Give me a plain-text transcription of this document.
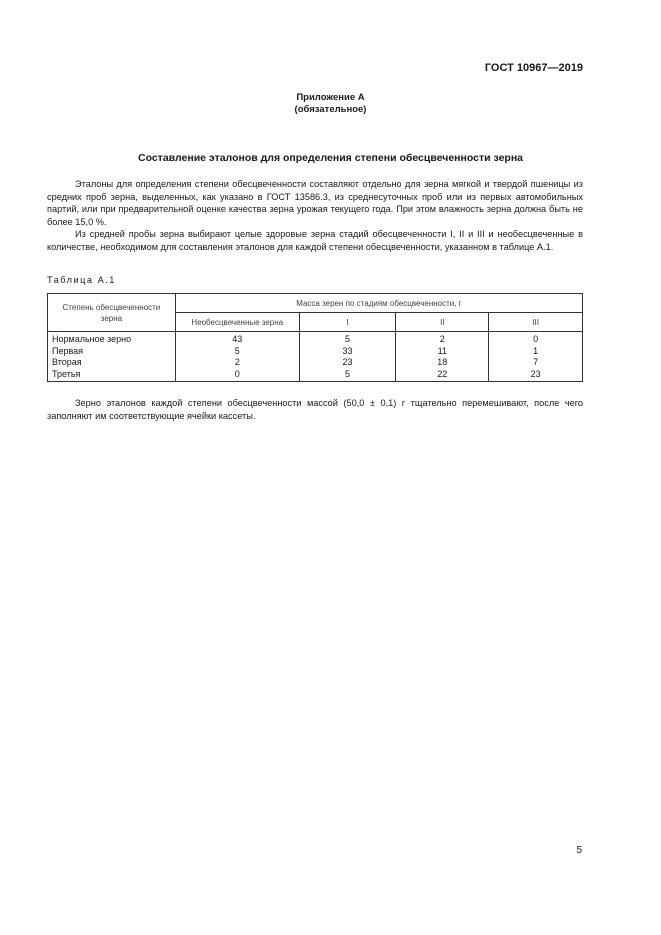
ГОСТ 10967—2019
Приложение А
(обязательное)
Составление эталонов для определения степени обесцвеченности зерна
Эталоны для определения степени обесцвеченности составляют отдельно для зерна мягкой и твердой пшеницы из средних проб зерна, выделенных, как указано в ГОСТ 13586.3, из среднесуточных проб или из первых автомобильных партий, или при предварительной оценке качества зерна урожая текущего года. При этом влажность зерна должна быть не более 15,0 %.
Из средней пробы зерна выбирают целые здоровые зерна стадий обесцвеченности I, II и III и необесцвеченные в количестве, необходимом для составления эталонов для каждой степени обесцвеченности, указанном в таблице А.1.
Таблица А.1
Степень обесцвеченности зерна	Масса зерен по стадиям обесцвеченности, г			
	Необесцвеченные зерна	I	II	III
Нормальное зерно	43	5	2	0
Первая	5	33	11	1
Вторая	2	23	18	7
Третья	0	5	22	23
Зерно эталонов каждой степени обесцвеченности массой (50,0 ± 0,1) г тщательно перемешивают, после чего заполняют им соответствующие ячейки кассеты.
5
